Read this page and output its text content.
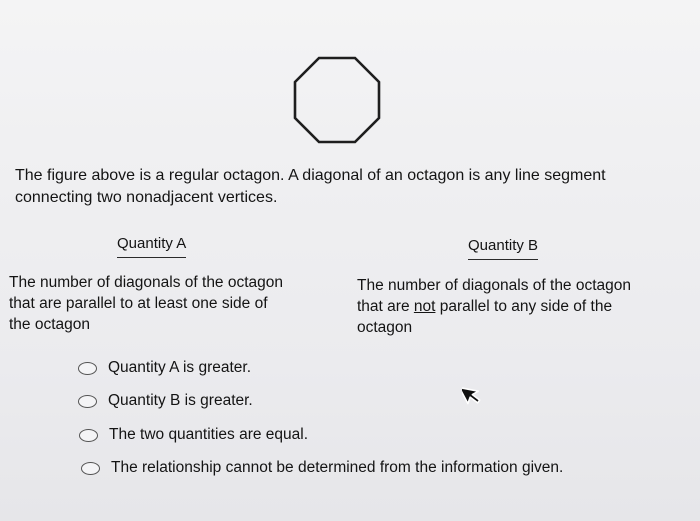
The figure above is a regular octagon. A diagonal of an octagon is any line segment connecting two nonadjacent vertices.
Quantity A	Quantity B
The number of diagonals of the octagon
that are parallel to at least one side of
the octagon
The number of diagonals of the octagon
that are not parallel to any side of the
octagon
Quantity A is greater.
Quantity B is greater.
The two quantities are equal.
The relationship cannot be determined from the information given.
